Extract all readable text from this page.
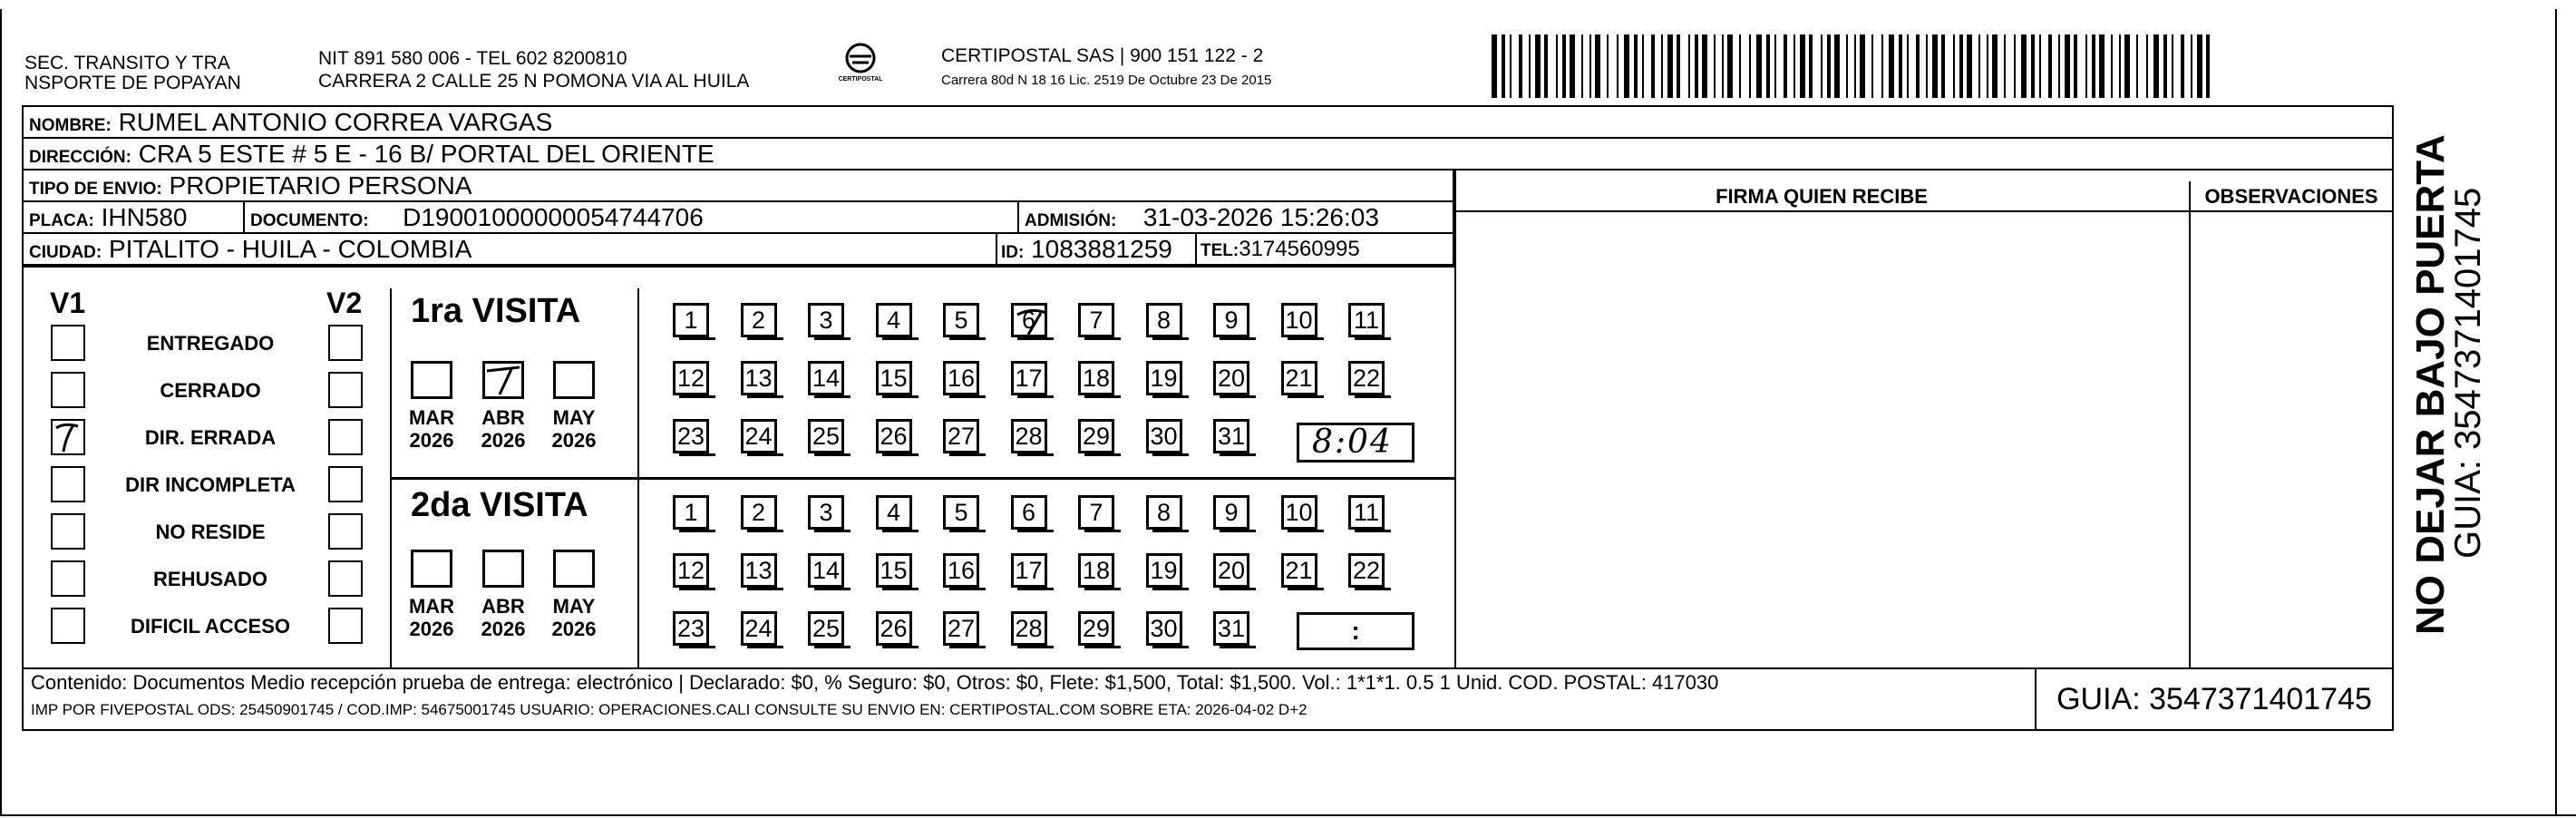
SEC. TRANSITO Y TRA
NSPORTE DE POPAYAN
NIT 891 580 006 - TEL 602 8200810
CARRERA 2 CALLE 25 N POMONA VIA AL HUILA	CERTIPOSTAL
CERTIPOSTAL SAS | 900 151 122 - 2
Carrera 80d N 18 16 Lic. 2519 De Octubre 23 De 2015
NOMBRE: RUMEL ANTONIO CORREA VARGAS
DIRECCIÓN: CRA 5 ESTE # 5 E - 16 B/ PORTAL DEL ORIENTE
TIPO DE ENVIO: PROPIETARIO PERSONA
PLACA: IHN580
CIUDAD: PITALITO - HUILA - COLOMBIA
DOCUMENTO: D19001000000054744706	ADMISIÓN: 31-03-2026 15:26:03
ID: 1083881259	TEL:3174560995
FIRMA QUIEN RECIBE	OBSERVACIONES
V1	V2
ENTREGADO
CERRADO
DIR. ERRADA
DIR INCOMPLETA
NO RESIDE
REHUSADO
DIFICIL ACCESO
1ra VISITA
2da VISITA
MAR
2026
ABR
2026
MAY
2026
MAR
2026
ABR
2026
MAY
2026
1	2	3	4	5	6	7	8	9	10 11
12 13 14 15 16 17 18 19 20 21 22
23 24 25 26 27 28 29 30 31
1	2	3	4	5	6	7	8	9	10 11
12 13 14 15 16 17 18 19 20 21 22
23 24 25 26 27 28 29 30 31
8:04
:
Contenido: Documentos Medio recepción prueba de entrega: electrónico | Declarado: $0, % Seguro: $0, Otros: $0, Flete: $1,500, Total: $1,500. Vol.: 1*1*1. 0.5 1 Unid. COD. POSTAL: 417030
IMP POR FIVEPOSTAL ODS: 25450901745 / COD.IMP: 54675001745 USUARIO: OPERACIONES.CALI CONSULTE SU ENVIO EN: CERTIPOSTAL.COM SOBRE ETA: 2026-04-02 D+2	GUIA: 3547371401745
NO DEJAR BAJO PUERTA
GUIA: 3547371401745
